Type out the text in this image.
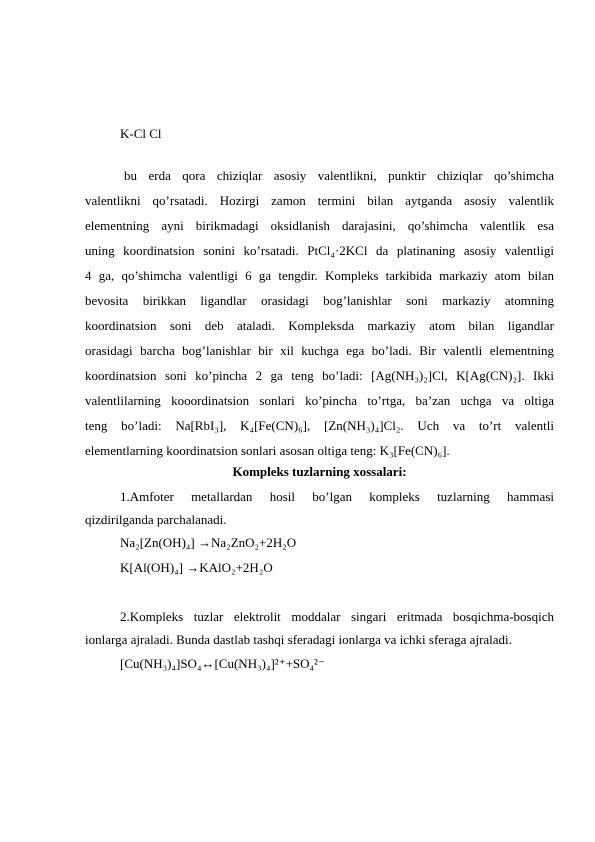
K-Cl Cl
bu erda qora chiziqlar asosiy valentlikni, punktir chiziqlar qo’shimcha
valentlikni qo’rsatadi. Hozirgi zamon termini bilan aytganda asosiy valentlik
elementning ayni birikmadagi oksidlanish darajasini, qo’shimcha valentlik esa
uning koordinatsion sonini ko’rsatadi. PtCl₄·2KCl da platinaning asosiy valentligi
4 ga, qo’shimcha valentligi 6 ga tengdir. Kompleks tarkibida markaziy atom bilan
bevosita birikkan ligandlar orasidagi bog’lanishlar soni markaziy atomning
koordinatsion soni deb ataladi. Kompleksda markaziy atom bilan ligandlar
orasidagi barcha bog’lanishlar bir xil kuchga ega bo’ladi. Bir valentli elementning
koordinatsion soni ko’pincha 2 ga teng bo’ladi: [Ag(NH₃)₂]Cl, K[Ag(CN)₂]. Ikki
valentlilarning kooordinatsion sonlari ko’pincha to’rtga, ba’zan uchga va oltiga
teng bo’ladi: Na[RbI₃], K₄[Fe(CN)₆], [Zn(NH₃)₄]Cl₂. Uch va to’rt valentli
elementlarning koordinatsion sonlari asosan oltiga teng: K₃[Fe(CN)₆].
Kompleks tuzlarning xossalari:
1.Amfoter metallardan hosil bo’lgan kompleks tuzlarning hammasi
qizdirilganda parchalanadi.
Na₂[Zn(OH)₄] →Na₂ZnO₂+2H₂O
K[Al(OH)₄] →KAlO₂+2H₂O
2.Kompleks tuzlar elektrolit moddalar singari eritmada bosqichma-bosqich
ionlarga ajraladi. Bunda dastlab tashqi sferadagi ionlarga va ichki sferaga ajraladi.
[Cu(NH₃)₄]SO₄↔[Cu(NH₃)₄]²⁺+SO₄²⁻
